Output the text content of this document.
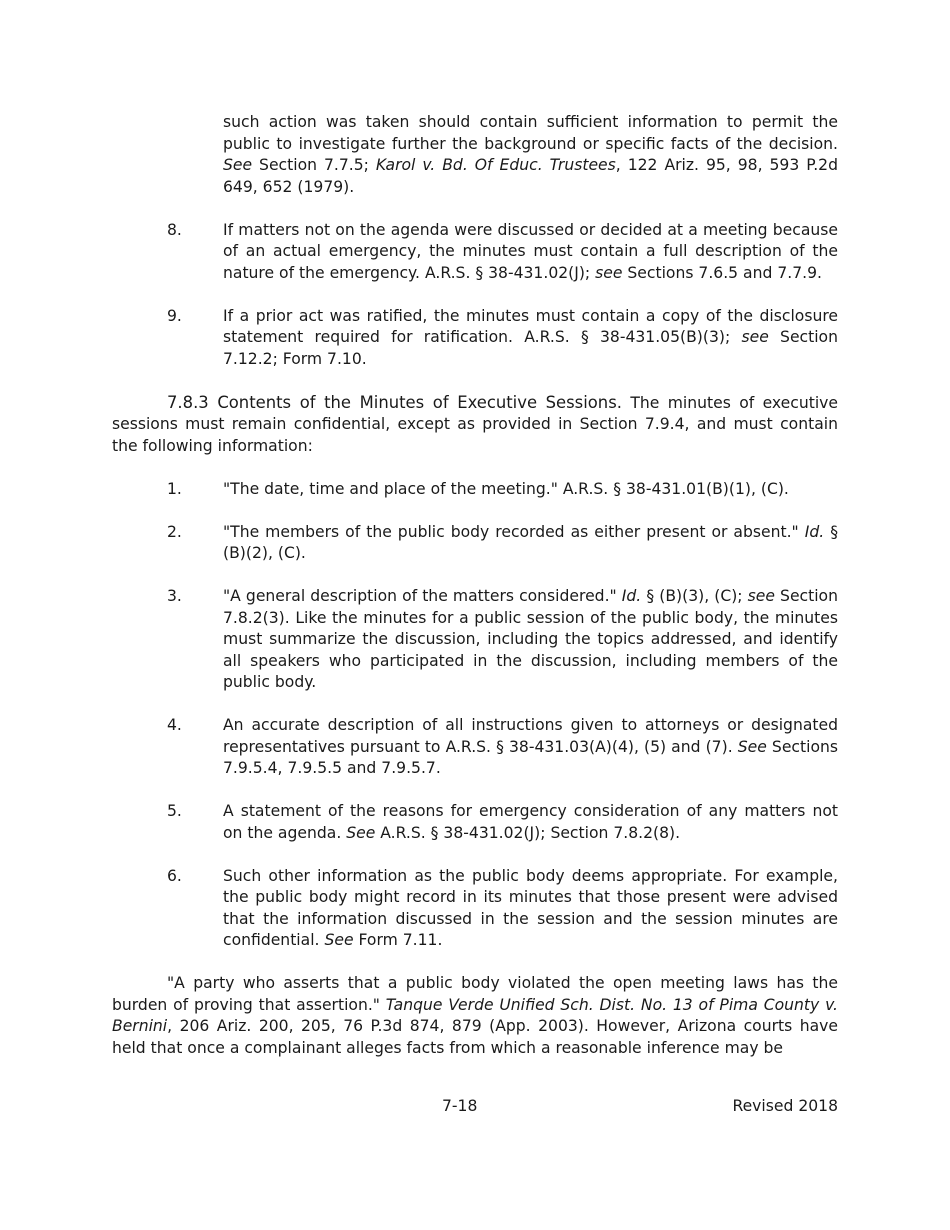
such action was taken should contain sufficient information to permit the public to investigate further the background or specific facts of the decision. See Section 7.7.5; Karol v. Bd. Of Educ. Trustees, 122 Ariz. 95, 98, 593 P.2d 649, 652 (1979).

8.	If matters not on the agenda were discussed or decided at a meeting because of an actual emergency, the minutes must contain a full description of the nature of the emergency. A.R.S. § 38-431.02(J); see Sections 7.6.5 and 7.7.9.
9.	If a prior act was ratified, the minutes must contain a copy of the disclosure statement required for ratification. A.R.S. § 38-431.05(B)(3); see Section 7.12.2; Form 7.10.

7.8.3 Contents of the Minutes of Executive Sessions. The minutes of executive sessions must remain confidential, except as provided in Section 7.9.4, and must contain the following information:

1.	"The date, time and place of the meeting." A.R.S. § 38-431.01(B)(1), (C).
2.	"The members of the public body recorded as either present or absent." Id. § (B)(2), (C).
3.	"A general description of the matters considered." Id. § (B)(3), (C); see Section 7.8.2(3). Like the minutes for a public session of the public body, the minutes must summarize the discussion, including the topics addressed, and identify all speakers who participated in the discussion, including members of the public body.
4.	An accurate description of all instructions given to attorneys or designated representatives pursuant to A.R.S. § 38-431.03(A)(4), (5) and (7). See Sections 7.9.5.4, 7.9.5.5 and 7.9.5.7.
5.	A statement of the reasons for emergency consideration of any matters not on the agenda. See A.R.S. § 38-431.02(J); Section 7.8.2(8).
6.	Such other information as the public body deems appropriate. For example, the public body might record in its minutes that those present were advised that the information discussed in the session and the session minutes are confidential. See Form 7.11.

"A party who asserts that a public body violated the open meeting laws has the burden of proving that assertion." Tanque Verde Unified Sch. Dist. No. 13 of Pima County v. Bernini, 206 Ariz. 200, 205, 76 P.3d 874, 879 (App. 2003). However, Arizona courts have held that once a complainant alleges facts from which a reasonable inference may be

7-18	Revised 2018
